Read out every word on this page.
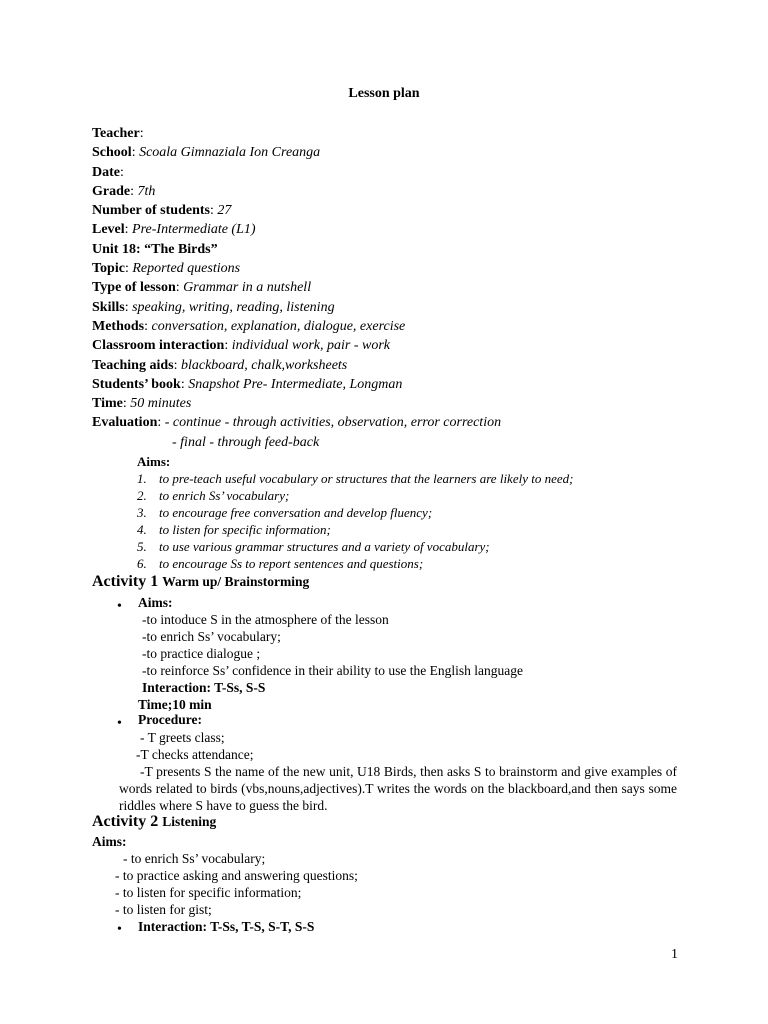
Lesson plan
Teacher:
School: Scoala Gimnaziala Ion Creanga
Date:
Grade: 7th
Number of students: 27
Level: Pre-Intermediate (L1)
Unit 18: “The Birds”
Topic: Reported questions
Type of lesson: Grammar in a nutshell
Skills: speaking, writing, reading, listening
Methods: conversation, explanation, dialogue, exercise
Classroom interaction: individual work, pair - work
Teaching aids: blackboard, chalk,worksheets
Students’ book: Snapshot Pre- Intermediate, Longman
Time: 50 minutes
Evaluation: - continue - through activities, observation, error correction
- final - through feed-back
Aims:
1. to pre-teach useful vocabulary or structures that the learners are likely to need;
2. to enrich Ss’ vocabulary;
3. to encourage free conversation and develop fluency;
4. to listen for specific information;
5. to use various grammar structures and a variety of vocabulary;
6. to encourage Ss to report sentences and questions;
Activity 1 Warm up/ Brainstorming
• Aims:
-to intoduce S in the atmosphere of the lesson
-to enrich Ss’ vocabulary;
-to practice dialogue ;
-to reinforce Ss’ confidence in their ability to use the English language
Interaction: T-Ss, S-S
Time;10 min
• Procedure:
- T greets class;
-T checks attendance;
-T presents S the name of the new unit, U18 Birds, then asks S to brainstorm and give examples of words related to birds (vbs,nouns,adjectives).T writes the words on the blackboard,and then says some riddles where S have to guess the bird.
Activity 2 Listening
Aims:
- to enrich Ss’ vocabulary;
- to practice asking and answering questions;
- to listen for specific information;
- to listen for gist;
• Interaction: T-Ss, T-S, S-T, S-S
1
